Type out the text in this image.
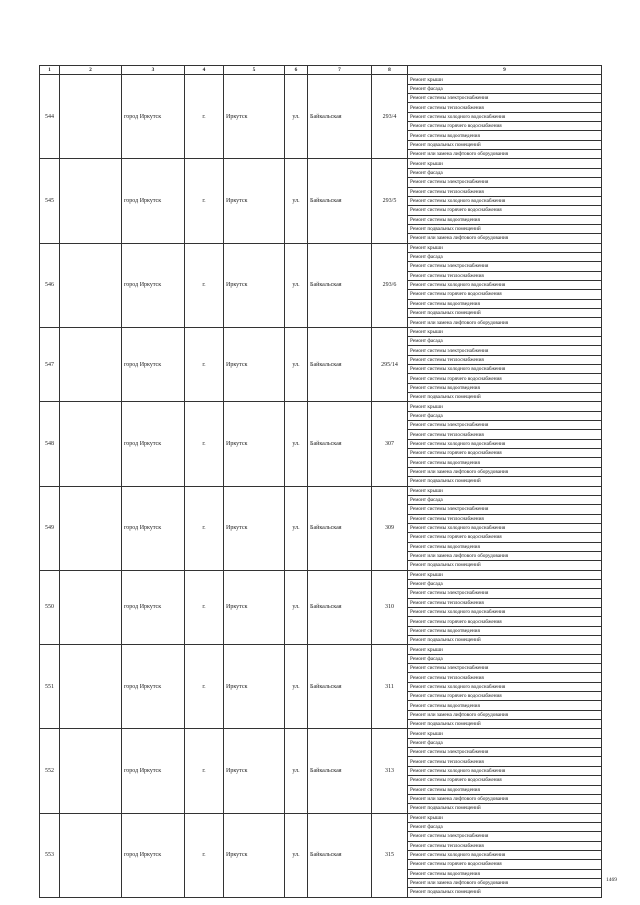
1	2	3	4	5	6	7	8	9
544		город Иркутск	г.	Иркутск	ул.	Байкальская	293/4	Ремонт крыши
								Ремонт фасада
								Ремонт системы электроснабжения
								Ремонт системы теплоснабжения
								Ремонт системы холодного водоснабжения
								Ремонт системы горячего водоснабжения
								Ремонт системы водоотведения
								Ремонт подвальных помещений
								Ремонт или замена лифтового оборудования
545		город Иркутск	г.	Иркутск	ул.	Байкальская	293/5	Ремонт крыши
								Ремонт фасада
								Ремонт системы электроснабжения
								Ремонт системы теплоснабжения
								Ремонт системы холодного водоснабжения
								Ремонт системы горячего водоснабжения
								Ремонт системы водоотведения
								Ремонт подвальных помещений
								Ремонт или замена лифтового оборудования
546		город Иркутск	г.	Иркутск	ул.	Байкальская	293/6	Ремонт крыши
								Ремонт фасада
								Ремонт системы электроснабжения
								Ремонт системы теплоснабжения
								Ремонт системы холодного водоснабжения
								Ремонт системы горячего водоснабжения
								Ремонт системы водоотведения
								Ремонт подвальных помещений
								Ремонт или замена лифтового оборудования
547		город Иркутск	г.	Иркутск	ул.	Байкальская	295/14	Ремонт крыши
								Ремонт фасада
								Ремонт системы электроснабжения
								Ремонт системы теплоснабжения
								Ремонт системы холодного водоснабжения
								Ремонт системы горячего водоснабжения
								Ремонт системы водоотведения
								Ремонт подвальных помещений
548		город Иркутск	г.	Иркутск	ул.	Байкальская	307	Ремонт крыши
								Ремонт фасада
								Ремонт системы электроснабжения
								Ремонт системы теплоснабжения
								Ремонт системы холодного водоснабжения
								Ремонт системы горячего водоснабжения
								Ремонт системы водоотведения
								Ремонт или замена лифтового оборудования
								Ремонт подвальных помещений
549		город Иркутск	г.	Иркутск	ул.	Байкальская	309	Ремонт крыши
								Ремонт фасада
								Ремонт системы электроснабжения
								Ремонт системы теплоснабжения
								Ремонт системы холодного водоснабжения
								Ремонт системы горячего водоснабжения
								Ремонт системы водоотведения
								Ремонт или замена лифтового оборудования
								Ремонт подвальных помещений
550		город Иркутск	г.	Иркутск	ул.	Байкальская	310	Ремонт крыши
								Ремонт фасада
								Ремонт системы электроснабжения
								Ремонт системы теплоснабжения
								Ремонт системы холодного водоснабжения
								Ремонт системы горячего водоснабжения
								Ремонт системы водоотведения
								Ремонт подвальных помещений
551		город Иркутск	г.	Иркутск	ул.	Байкальская	311	Ремонт крыши
								Ремонт фасада
								Ремонт системы электроснабжения
								Ремонт системы теплоснабжения
								Ремонт системы холодного водоснабжения
								Ремонт системы горячего водоснабжения
								Ремонт системы водоотведения
								Ремонт или замена лифтового оборудования
								Ремонт подвальных помещений
552		город Иркутск	г.	Иркутск	ул.	Байкальская	313	Ремонт крыши
								Ремонт фасада
								Ремонт системы электроснабжения
								Ремонт системы теплоснабжения
								Ремонт системы холодного водоснабжения
								Ремонт системы горячего водоснабжения
								Ремонт системы водоотведения
								Ремонт или замена лифтового оборудования
								Ремонт подвальных помещений
553		город Иркутск	г.	Иркутск	ул.	Байкальская	315	Ремонт крыши
								Ремонт фасада
								Ремонт системы электроснабжения
								Ремонт системы теплоснабжения
								Ремонт системы холодного водоснабжения
								Ремонт системы горячего водоснабжения
								Ремонт системы водоотведения
								Ремонт или замена лифтового оборудования
								Ремонт подвальных помещений
1469
